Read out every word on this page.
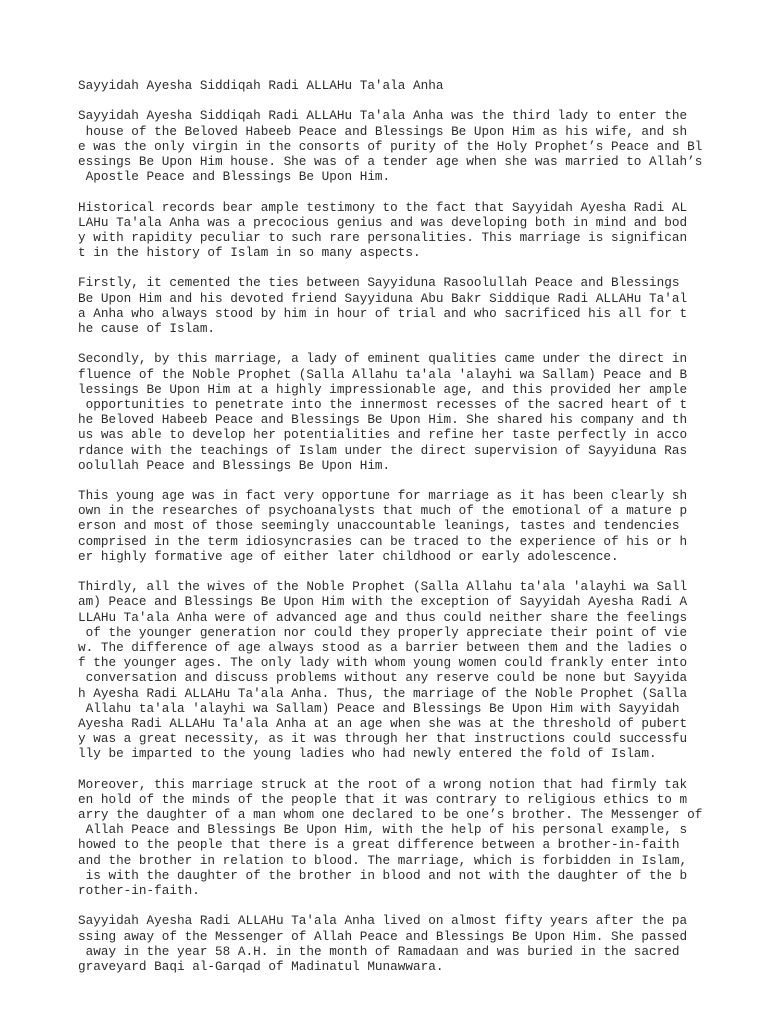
Sayyidah Ayesha Siddiqah Radi ALLAHu Ta'ala Anha
Sayyidah Ayesha Siddiqah Radi ALLAHu Ta'ala Anha was the third lady to enter the
house of the Beloved Habeeb Peace and Blessings Be Upon Him as his wife, and sh
e was the only virgin in the consorts of purity of the Holy Prophet’s Peace and Bl
essings Be Upon Him house. She was of a tender age when she was married to Allah’s
Apostle Peace and Blessings Be Upon Him.
Historical records bear ample testimony to the fact that Sayyidah Ayesha Radi AL
LAHu Ta'ala Anha was a precocious genius and was developing both in mind and bod
y with rapidity peculiar to such rare personalities. This marriage is significan
t in the history of Islam in so many aspects.
Firstly, it cemented the ties between Sayyiduna Rasoolullah Peace and Blessings
Be Upon Him and his devoted friend Sayyiduna Abu Bakr Siddique Radi ALLAHu Ta'al
a Anha who always stood by him in hour of trial and who sacrificed his all for t
he cause of Islam.
Secondly, by this marriage, a lady of eminent qualities came under the direct in
fluence of the Noble Prophet (Salla Allahu ta'ala 'alayhi wa Sallam) Peace and B
lessings Be Upon Him at a highly impressionable age, and this provided her ample
opportunities to penetrate into the innermost recesses of the sacred heart of t
he Beloved Habeeb Peace and Blessings Be Upon Him. She shared his company and th
us was able to develop her potentialities and refine her taste perfectly in acco
rdance with the teachings of Islam under the direct supervision of Sayyiduna Ras
oolullah Peace and Blessings Be Upon Him.
This young age was in fact very opportune for marriage as it has been clearly sh
own in the researches of psychoanalysts that much of the emotional of a mature p
erson and most of those seemingly unaccountable leanings, tastes and tendencies
comprised in the term idiosyncrasies can be traced to the experience of his or h
er highly formative age of either later childhood or early adolescence.
Thirdly, all the wives of the Noble Prophet (Salla Allahu ta'ala 'alayhi wa Sall
am) Peace and Blessings Be Upon Him with the exception of Sayyidah Ayesha Radi A
LLAHu Ta'ala Anha were of advanced age and thus could neither share the feelings
of the younger generation nor could they properly appreciate their point of vie
w. The difference of age always stood as a barrier between them and the ladies o
f the younger ages. The only lady with whom young women could frankly enter into
conversation and discuss problems without any reserve could be none but Sayyida
h Ayesha Radi ALLAHu Ta'ala Anha. Thus, the marriage of the Noble Prophet (Salla
Allahu ta'ala 'alayhi wa Sallam) Peace and Blessings Be Upon Him with Sayyidah
Ayesha Radi ALLAHu Ta'ala Anha at an age when she was at the threshold of pubert
y was a great necessity, as it was through her that instructions could successfu
lly be imparted to the young ladies who had newly entered the fold of Islam.
Moreover, this marriage struck at the root of a wrong notion that had firmly tak
en hold of the minds of the people that it was contrary to religious ethics to m
arry the daughter of a man whom one declared to be one’s brother. The Messenger of
Allah Peace and Blessings Be Upon Him, with the help of his personal example, s
howed to the people that there is a great difference between a brother-in-faith
and the brother in relation to blood. The marriage, which is forbidden in Islam,
is with the daughter of the brother in blood and not with the daughter of the b
rother-in-faith.
Sayyidah Ayesha Radi ALLAHu Ta'ala Anha lived on almost fifty years after the pa
ssing away of the Messenger of Allah Peace and Blessings Be Upon Him. She passed
away in the year 58 A.H. in the month of Ramadaan and was buried in the sacred
graveyard Baqi al-Garqad of Madinatul Munawwara.
